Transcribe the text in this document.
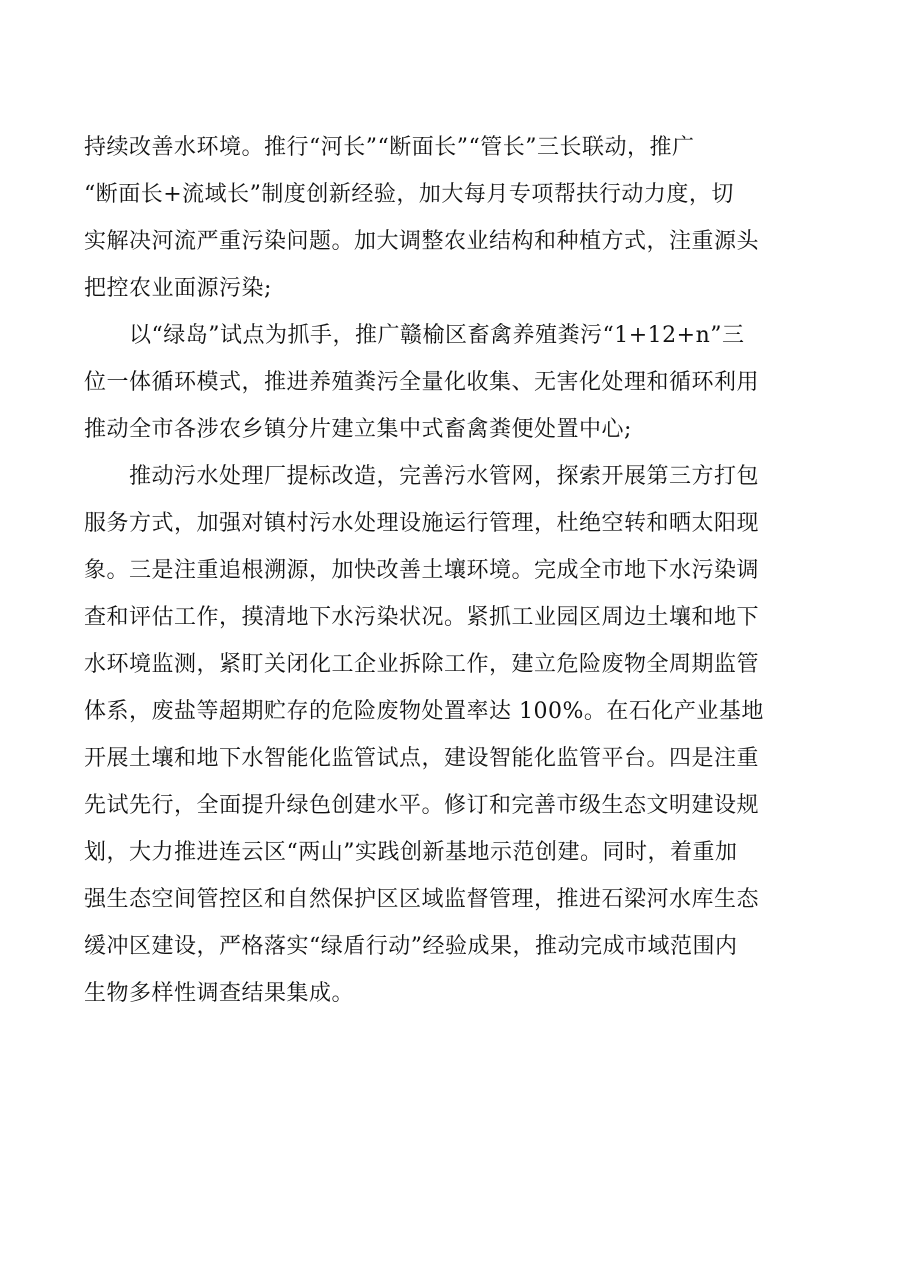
持续改善水环境。推行“河长”“断面长”“管长”三长联动，推广
“断面长+流域长”制度创新经验，加大每月专项帮扶行动力度，切
实解决河流严重污染问题。加大调整农业结构和种植方式，注重源头
把控农业面源污染;
　　以“绿岛”试点为抓手，推广赣榆区畜禽养殖粪污“1+12+n”三
位一体循环模式，推进养殖粪污全量化收集、无害化处理和循环利用
推动全市各涉农乡镇分片建立集中式畜禽粪便处置中心;
　　推动污水处理厂提标改造，完善污水管网，探索开展第三方打包
服务方式，加强对镇村污水处理设施运行管理，杜绝空转和晒太阳现
象。三是注重追根溯源，加快改善土壤环境。完成全市地下水污染调
查和评估工作，摸清地下水污染状况。紧抓工业园区周边土壤和地下
水环境监测，紧盯关闭化工企业拆除工作，建立危险废物全周期监管
体系，废盐等超期贮存的危险废物处置率达 100%。在石化产业基地
开展土壤和地下水智能化监管试点，建设智能化监管平台。四是注重
先试先行，全面提升绿色创建水平。修订和完善市级生态文明建设规
划，大力推进连云区“两山”实践创新基地示范创建。同时，着重加
强生态空间管控区和自然保护区区域监督管理，推进石梁河水库生态
缓冲区建设，严格落实“绿盾行动”经验成果，推动完成市域范围内
生物多样性调查结果集成。
